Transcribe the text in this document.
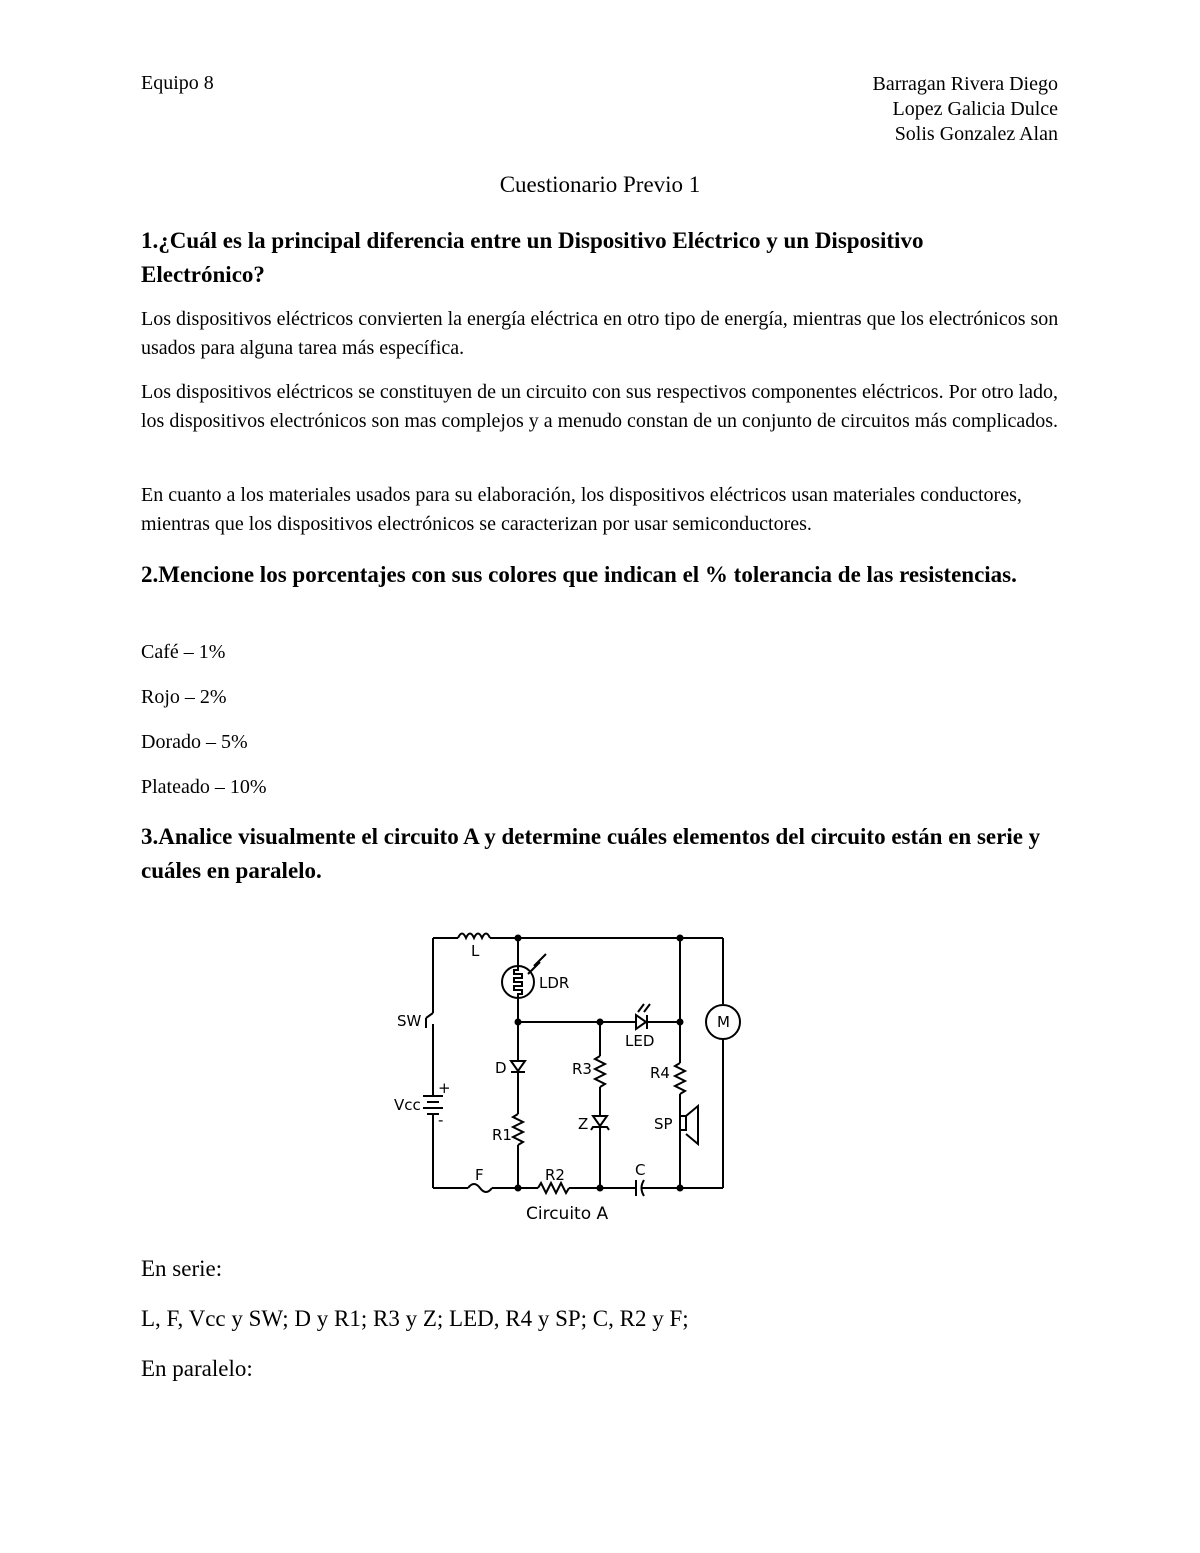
Equipo 8	Barragan Rivera Diego
Lopez Galicia Dulce
Solis Gonzalez Alan
Cuestionario Previo 1
1.¿Cuál es la principal diferencia entre un Dispositivo Eléctrico y un Dispositivo
Electrónico?
Los dispositivos eléctricos convierten la energía eléctrica en otro tipo de energía, mientras que los electrónicos son usados para alguna tarea más específica.
Los dispositivos eléctricos se constituyen de un circuito con sus respectivos componentes eléctricos. Por otro lado, los dispositivos electrónicos son mas complejos y a menudo constan de un conjunto de circuitos más complicados.
En cuanto a los materiales usados para su elaboración, los dispositivos eléctricos usan materiales conductores, mientras que los dispositivos electrónicos se caracterizan por usar semiconductores.
2.Mencione los porcentajes con sus colores que indican el % tolerancia de las resistencias.
Café – 1%
Rojo – 2%
Dorado – 5%
Plateado – 10%
3.Analice visualmente el circuito A y determine cuáles elementos del circuito están en serie y cuáles en paralelo.
L
LDR
SW
+
Vcc
-
D
R1
R3
Z
LED
R4
SP
M
F	R2	C
Circuito A
En serie:
L, F, Vcc y SW; D y R1; R3 y Z; LED, R4 y SP; C, R2 y F;
En paralelo:
